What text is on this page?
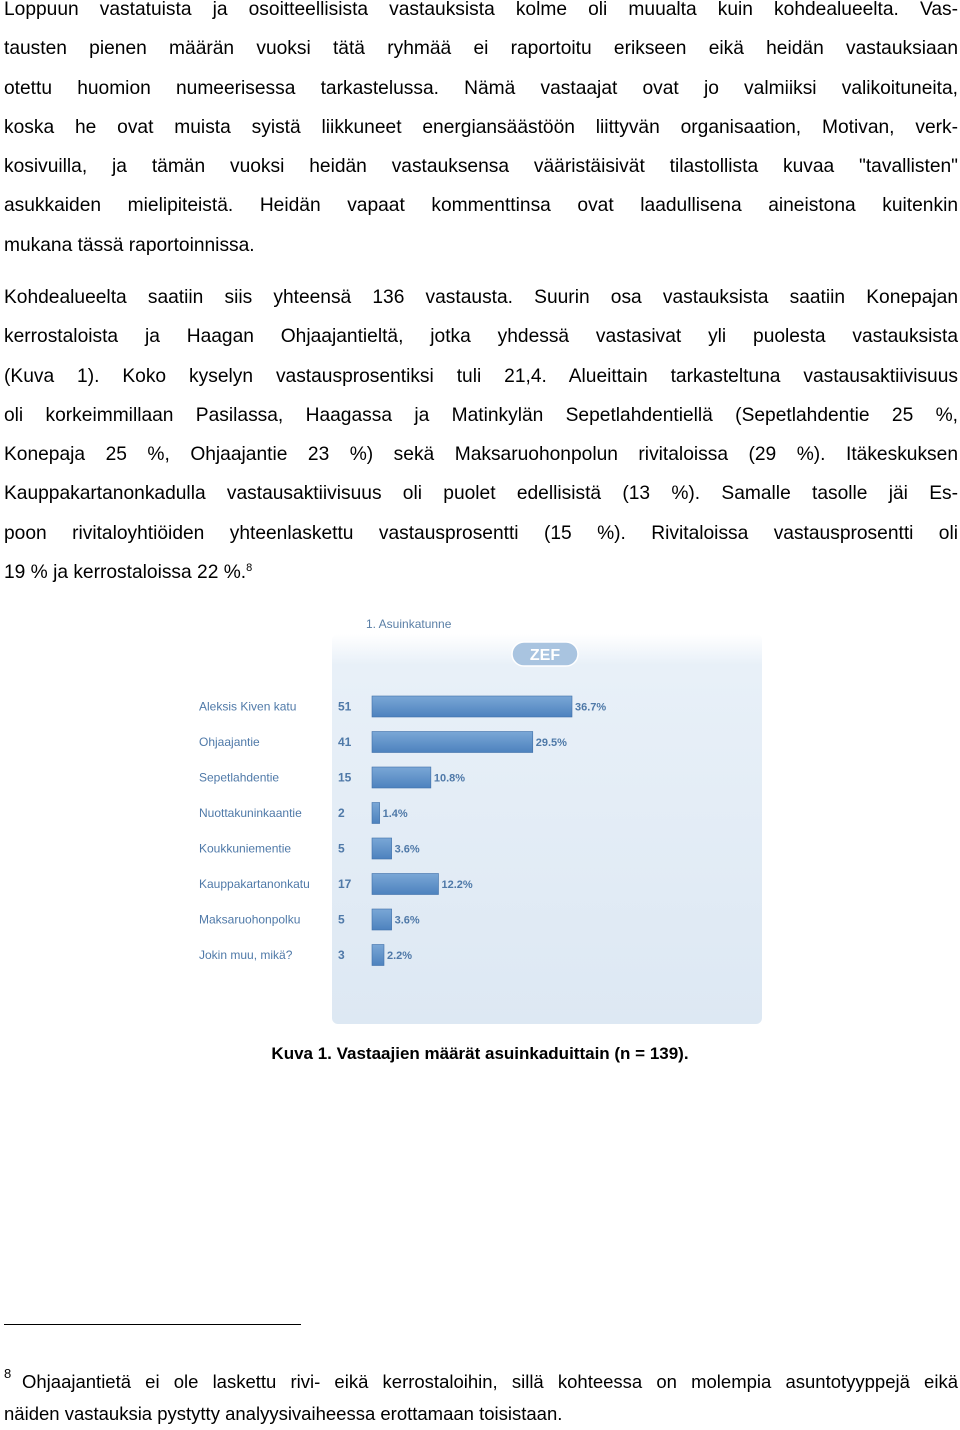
Loppuun vastatuista ja osoitteellisista vastauksista kolme oli muualta kuin kohdealueelta. Vas-
tausten pienen määrän vuoksi tätä ryhmää ei raportoitu erikseen eikä heidän vastauksiaan
otettu huomion numeerisessa tarkastelussa. Nämä vastaajat ovat jo valmiiksi valikoituneita,
koska he ovat muista syistä liikkuneet energiansäästöön liittyvän organisaation, Motivan, verk-
kosivuilla, ja tämän vuoksi heidän vastauksensa vääristäisivät tilastollista kuvaa "tavallisten"
asukkaiden mielipiteistä. Heidän vapaat kommenttinsa ovat laadullisena aineistona kuitenkin
mukana tässä raportoinnissa.
Kohdealueelta saatiin siis yhteensä 136 vastausta. Suurin osa vastauksista saatiin Konepajan
kerrostaloista ja Haagan Ohjaajantieltä, jotka yhdessä vastasivat yli puolesta vastauksista
(Kuva 1). Koko kyselyn vastausprosentiksi tuli 21,4. Alueittain tarkasteltuna vastausaktiivisuus
oli korkeimmillaan Pasilassa, Haagassa ja Matinkylän Sepetlahdentiellä (Sepetlahdentie 25 %,
Konepaja 25 %, Ohjaajantie 23 %) sekä Maksaruohonpolun rivitaloissa (29 %). Itäkeskuksen
Kauppakartanonkadulla vastausaktiivisuus oli puolet edellisistä (13 %). Samalle tasolle jäi Es-
poon rivitaloyhtiöiden yhteenlaskettu vastausprosentti (15 %). Rivitaloissa vastausprosentti oli
19 % ja kerrostaloissa 22 %.$^8$
1. Asuinkatunne
ZEF
Aleksis Kiven katu	51	36.7%
Ohjaajantie	41	29.5%
Sepetlahdentie	15	10.8%
Nuottakuninkaantie	2	1.4%
Koukkuniementie	5	3.6%
Kauppakartanonkatu 17	12.2%
Maksaruohonpolku	5	3.6%
Jokin muu, mikä?	3	2.2%
Kuva 1. Vastaajien määrät asuinkaduittain (n = 139).
8 Ohjaajantietä ei ole laskettu rivi- eikä kerrostaloihin, sillä kohteessa on molempia asuntotyyppejä eikä
näiden vastauksia pystytty analyysivaiheessa erottamaan toisistaan.
